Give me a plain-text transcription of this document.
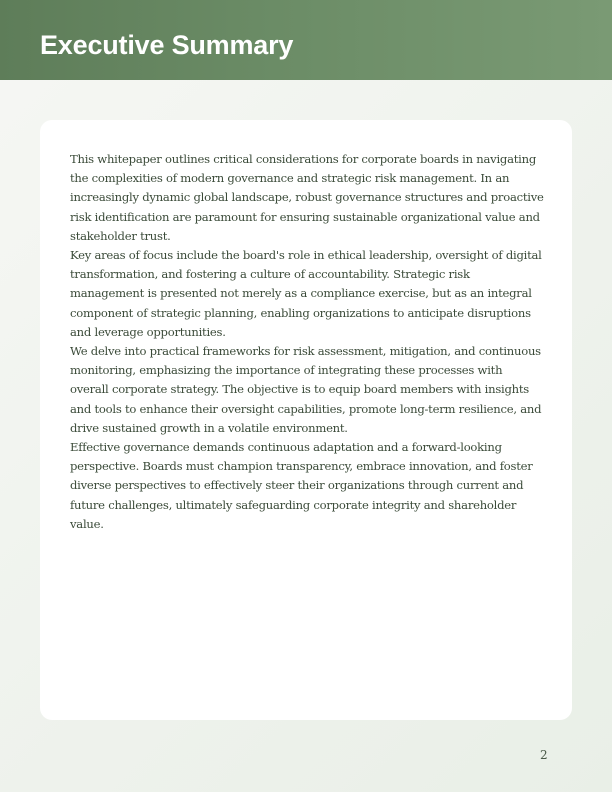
Executive Summary

This whitepaper outlines critical considerations for corporate boards in navigating the complexities of modern governance and strategic risk management. In an increasingly dynamic global landscape, robust governance structures and proactive risk identification are paramount for ensuring sustainable organizational value and stakeholder trust.

Key areas of focus include the board's role in ethical leadership, oversight of digital transformation, and fostering a culture of accountability. Strategic risk management is presented not merely as a compliance exercise, but as an integral component of strategic planning, enabling organizations to anticipate disruptions and leverage opportunities.

We delve into practical frameworks for risk assessment, mitigation, and continuous monitoring, emphasizing the importance of integrating these processes with overall corporate strategy. The objective is to equip board members with insights and tools to enhance their oversight capabilities, promote long-term resilience, and drive sustained growth in a volatile environment.

Effective governance demands continuous adaptation and a forward-looking perspective. Boards must champion transparency, embrace innovation, and foster diverse perspectives to effectively steer their organizations through current and future challenges, ultimately safeguarding corporate integrity and shareholder value.

2
